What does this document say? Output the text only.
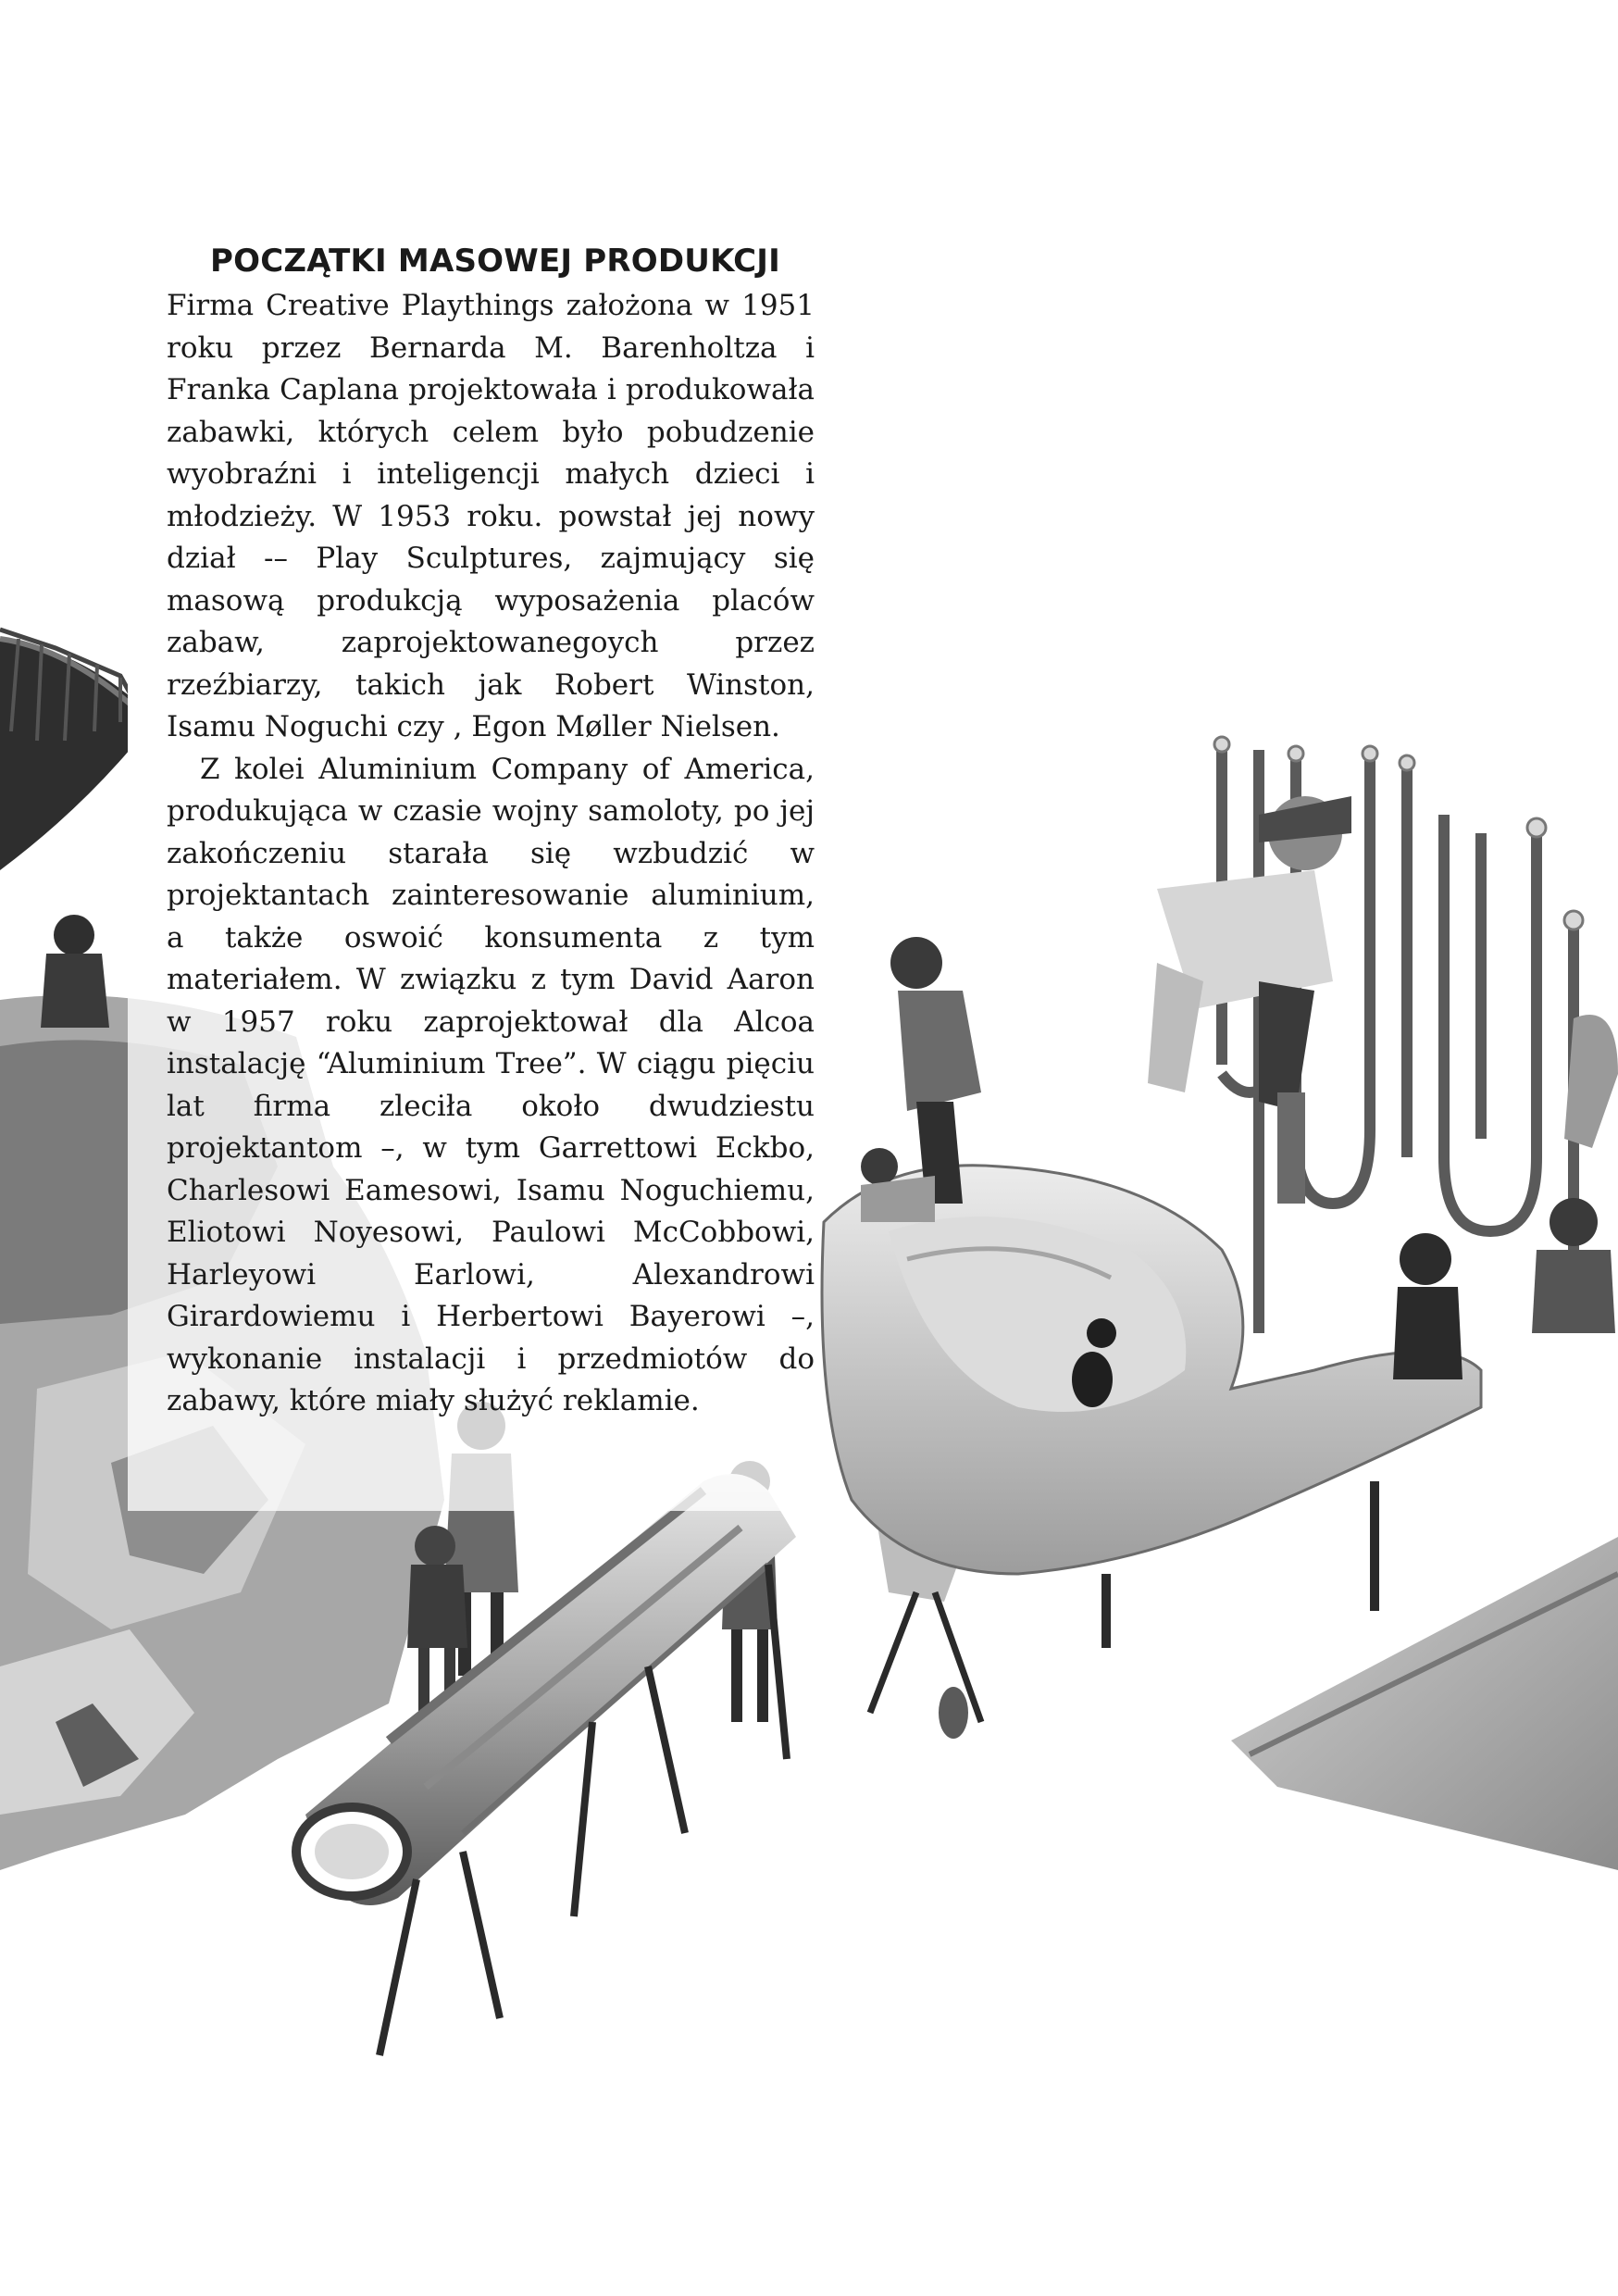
POCZĄTKI MASOWEJ PRODUKCJI

Firma Creative Playthings założona w 1951 roku przez Bernarda M. Barenholtza i Franka Caplana projektowała i produkowała zabawki, których celem było pobudzenie wyobraźni i inteligencji małych dzieci i młodzieży. W 1953 roku. powstał jej nowy dział -– Play Sculptures, zajmujący się masową produkcją wyposażenia placów zabaw, zaprojektowanegoych przez rzeźbiarzy, takich jak Robert Winston, Isamu Noguchi czy , Egon Møller Nielsen.

Z kolei Aluminium Company of America, produkująca w czasie wojny samoloty, po jej zakończeniu starała się wzbudzić w projektantach zainteresowanie aluminium, a także oswoić konsumenta z tym materiałem. W związku z tym David Aaron w 1957 roku zaprojektował dla Alcoa instalację “Aluminium Tree”. W ciągu pięciu lat firma zleciła około dwudziestu projektantom –, w tym Garrettowi Eckbo, Charlesowi Eamesowi, Isamu Noguchiemu, Eliotowi Noyesowi, Paulowi McCobbowi, Harleyowi Earlowi, Alexandrowi Girardowiemu i Herbertowi Bayerowi –, wykonanie instalacji i przedmiotów do zabawy, które miały służyć reklamie.
